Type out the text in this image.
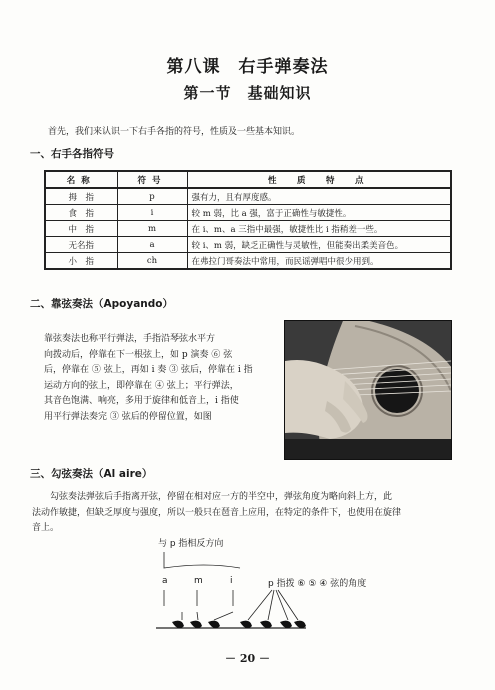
第八课　右手弹奏法
第一节　基础知识
首先，我们来认识一下右手各指的符号，性质及一些基本知识。
一、右手各指符号
名称	符号	性　质　特　点
拇　指	p	强有力，且有厚度感。
食　指	i	较 m 弱，比 a 强，富于正确性与敏捷性。
中　指	m	在 i、m、a 三指中最强，敏捷性比 i 指稍差一些。
无名指	a	较 i、m 弱，缺乏正确性与灵敏性，但能奏出柔美音色。
小　指	ch	在弗拉门哥奏法中常用，而民谣弹唱中很少用到。
二、靠弦奏法（Apoyando）
靠弦奏法也称平行弹法，手指沿琴弦水平方
向拨动后，停靠在下一根弦上，如 p 演奏 ⑥ 弦
后，停靠在 ⑤ 弦上，再如 i 奏 ③ 弦后，停靠在 i 指
运动方向的弦上，即停靠在 ④ 弦上；平行弹法，
其音色饱满、响亮，多用于旋律和低音上，i 指使
用平行弹法奏完 ③ 弦后的停留位置，如图
三、勾弦奏法（Al aire）
勾弦奏法弹弦后手指离开弦，停留在相对应一方的半空中，弹弦角度为略向斜上方，此
法动作敏捷，但缺乏厚度与强度，所以一般只在琶音上应用，在特定的条件下，也使用在旋律
音上。
与 p 指相反方向
a	m	i	p 指拨 ⑥ ⑤ ④ 弦的角度
－ 20 －
